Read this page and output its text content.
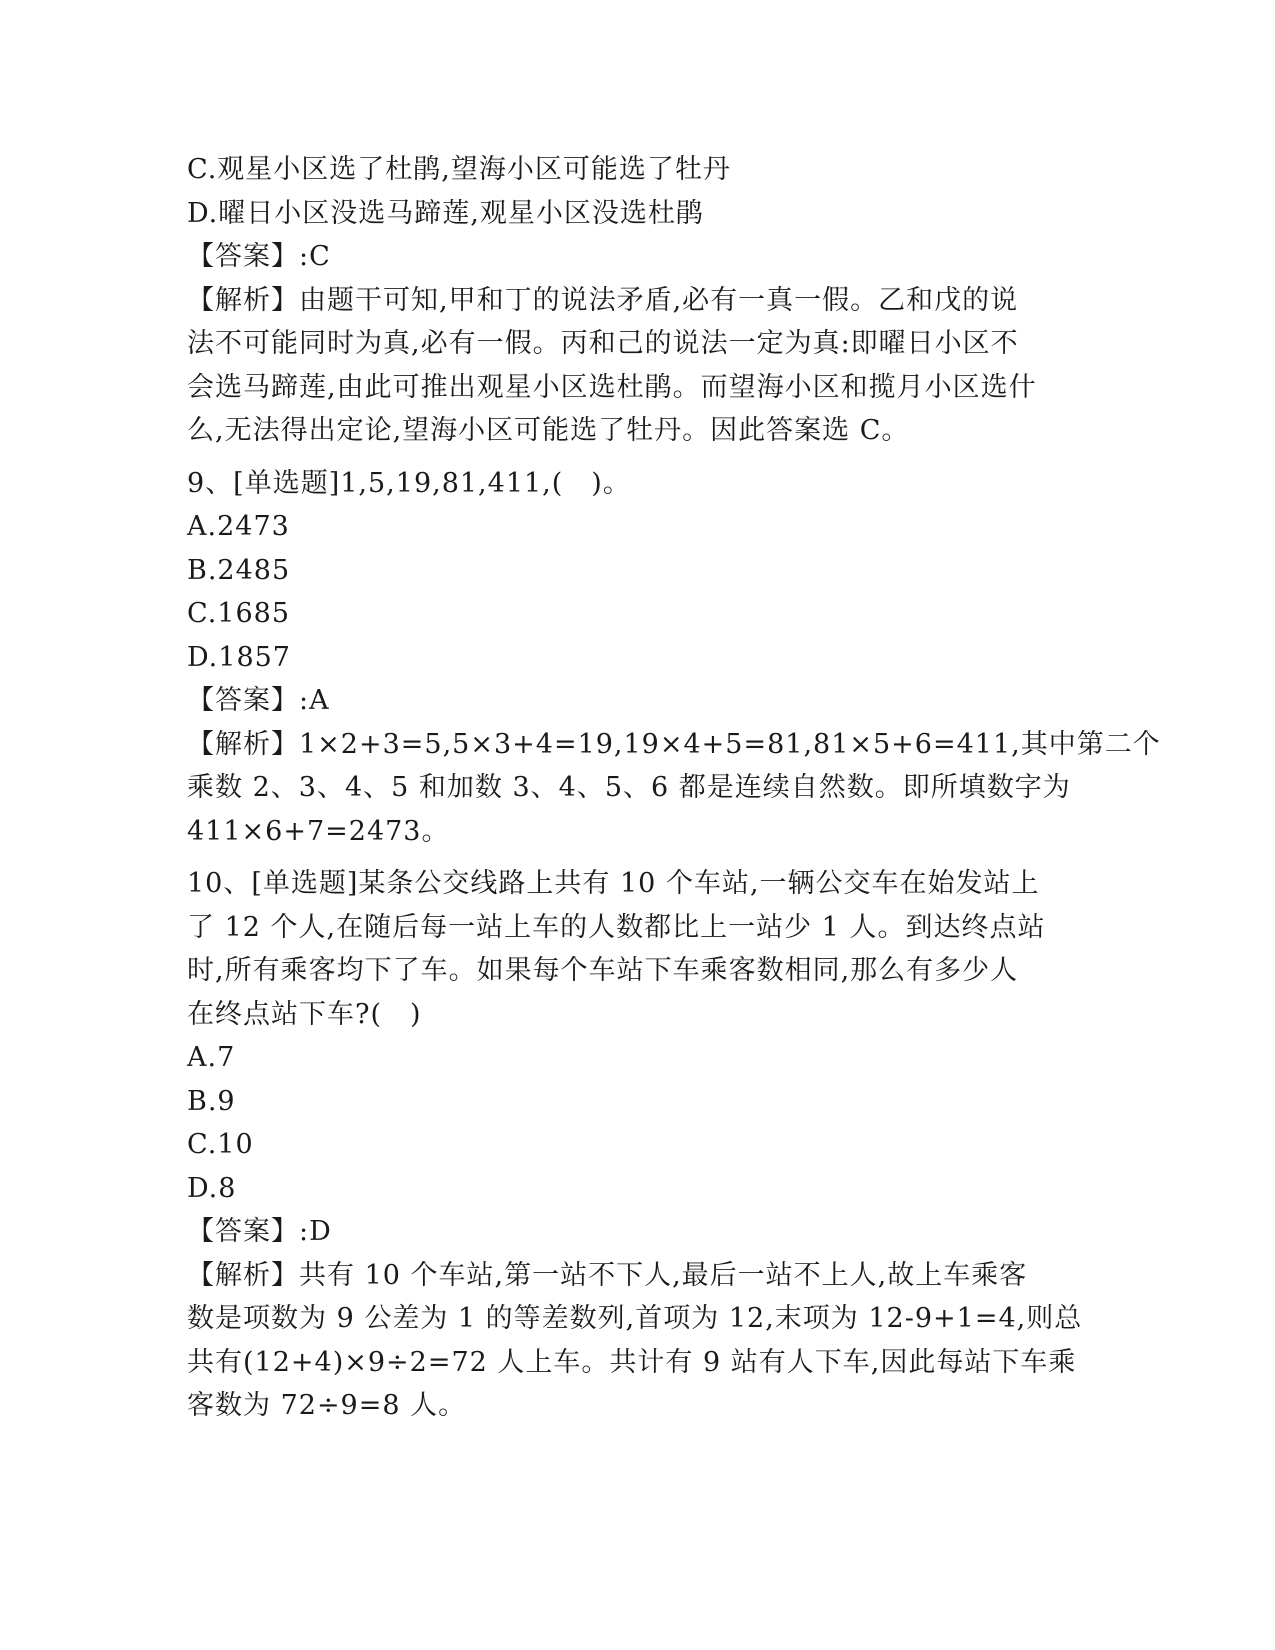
C.观星小区选了杜鹃,望海小区可能选了牡丹
D.曜日小区没选马蹄莲,观星小区没选杜鹃
【答案】:C
【解析】由题干可知,甲和丁的说法矛盾,必有一真一假。乙和戊的说
法不可能同时为真,必有一假。丙和己的说法一定为真:即曜日小区不
会选马蹄莲,由此可推出观星小区选杜鹃。而望海小区和揽月小区选什
么,无法得出定论,望海小区可能选了牡丹。因此答案选 C。
9、[单选题]1,5,19,81,411,(　)。
A.2473
B.2485
C.1685
D.1857
【答案】:A
【解析】1×2+3=5,5×3+4=19,19×4+5=81,81×5+6=411,其中第二个
乘数 2、3、4、5 和加数 3、4、5、6 都是连续自然数。即所填数字为
411×6+7=2473。
10、[单选题]某条公交线路上共有 10 个车站,一辆公交车在始发站上
了 12 个人,在随后每一站上车的人数都比上一站少 1 人。到达终点站
时,所有乘客均下了车。如果每个车站下车乘客数相同,那么有多少人
在终点站下车?(　)
A.7
B.9
C.10
D.8
【答案】:D
【解析】共有 10 个车站,第一站不下人,最后一站不上人,故上车乘客
数是项数为 9 公差为 1 的等差数列,首项为 12,末项为 12-9+1=4,则总
共有(12+4)×9÷2=72 人上车。共计有 9 站有人下车,因此每站下车乘
客数为 72÷9=8 人。
